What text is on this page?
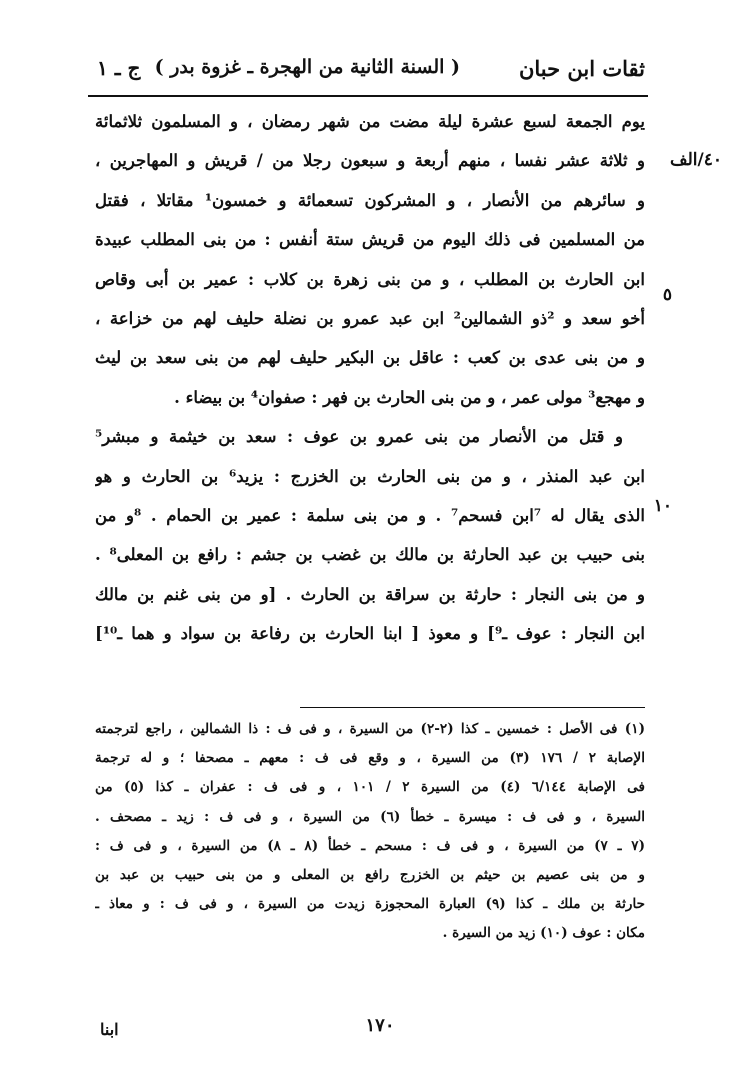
ثقات ابن حبان
( السنة الثانية من الهجرة ـ غزوة بدر )
ج ـ ١
٤٠/الف
٥
١٠
يوم الجمعة لسبع عشرة ليلة مضت من شهر رمضان ، و المسلمون ثلاثمائة
و ثلاثة عشر نفسا ، منهم أربعة و سبعون رجلا من / قريش و المهاجرين ،
و سائرهم من الأنصار ، و المشركون تسعمائة و خمسون¹ مقاتلا ، فقتل
من المسلمين فى ذلك اليوم من قريش ستة أنفس : من بنى المطلب عبيدة
ابن الحارث بن المطلب ، و من بنى زهرة بن كلاب : عمير بن أبى وقاص
أخو سعد و ²ذو الشمالين² ابن عبد عمرو بن نضلة حليف لهم من خزاعة ،
و من بنى عدى بن كعب : عاقل بن البكير حليف لهم من بنى سعد بن ليث
و مهجع³ مولى عمر ، و من بنى الحارث بن فهر : صفوان⁴ بن بيضاء .
و قتل من الأنصار من بنى عمرو بن عوف : سعد بن خيثمة و مبشر⁵
ابن عبد المنذر ، و من بنى الحارث بن الخزرج : يزيد⁶ بن الحارث و هو
الذى يقال له ⁷ابن فسحم⁷ . و من بنى سلمة : عمير بن الحمام . ⁸و من
بنى حبيب بن عبد الحارثة بن مالك بن غضب بن جشم : رافع بن المعلى⁸ .
و من بنى النجار : حارثة بن سراقة بن الحارث . [و من بنى غنم بن مالك
ابن النجار : عوف ـ⁹] و معوذ [ ابنا الحارث بن رفاعة بن سواد و هما ـ¹⁰]
(١) فى الأصل : خمسين ـ كذا (٢-٢) من السيرة ، و فى ف : ذا الشمالين ، راجع لترجمته
الإصابة ٢ / ١٧٦ (٣) من السيرة ، و وقع فى ف : معهم ـ مصحفا ؛ و له ترجمة
فى الإصابة ٦/١٤٤ (٤) من السيرة ٢ / ١٠١ ، و فى ف : عفران ـ كذا (٥) من
السيرة ، و فى ف : ميسرة ـ خطأ (٦) من السيرة ، و فى ف : زيد ـ مصحف .
(٧ ـ ٧) من السيرة ، و فى ف : مسحم ـ خطأ (٨ ـ ٨) من السيرة ، و فى ف :
و من بنى عصيم بن حيثم بن الخزرج رافع بن المعلى و من بنى حبيب بن عبد بن
حارثة بن ملك ـ كذا (٩) العبارة المحجوزة زيدت من السيرة ، و فى ف : و معاذ ـ
مكان : عوف (١٠) زيد من السيرة .
١٧٠
ابنا
